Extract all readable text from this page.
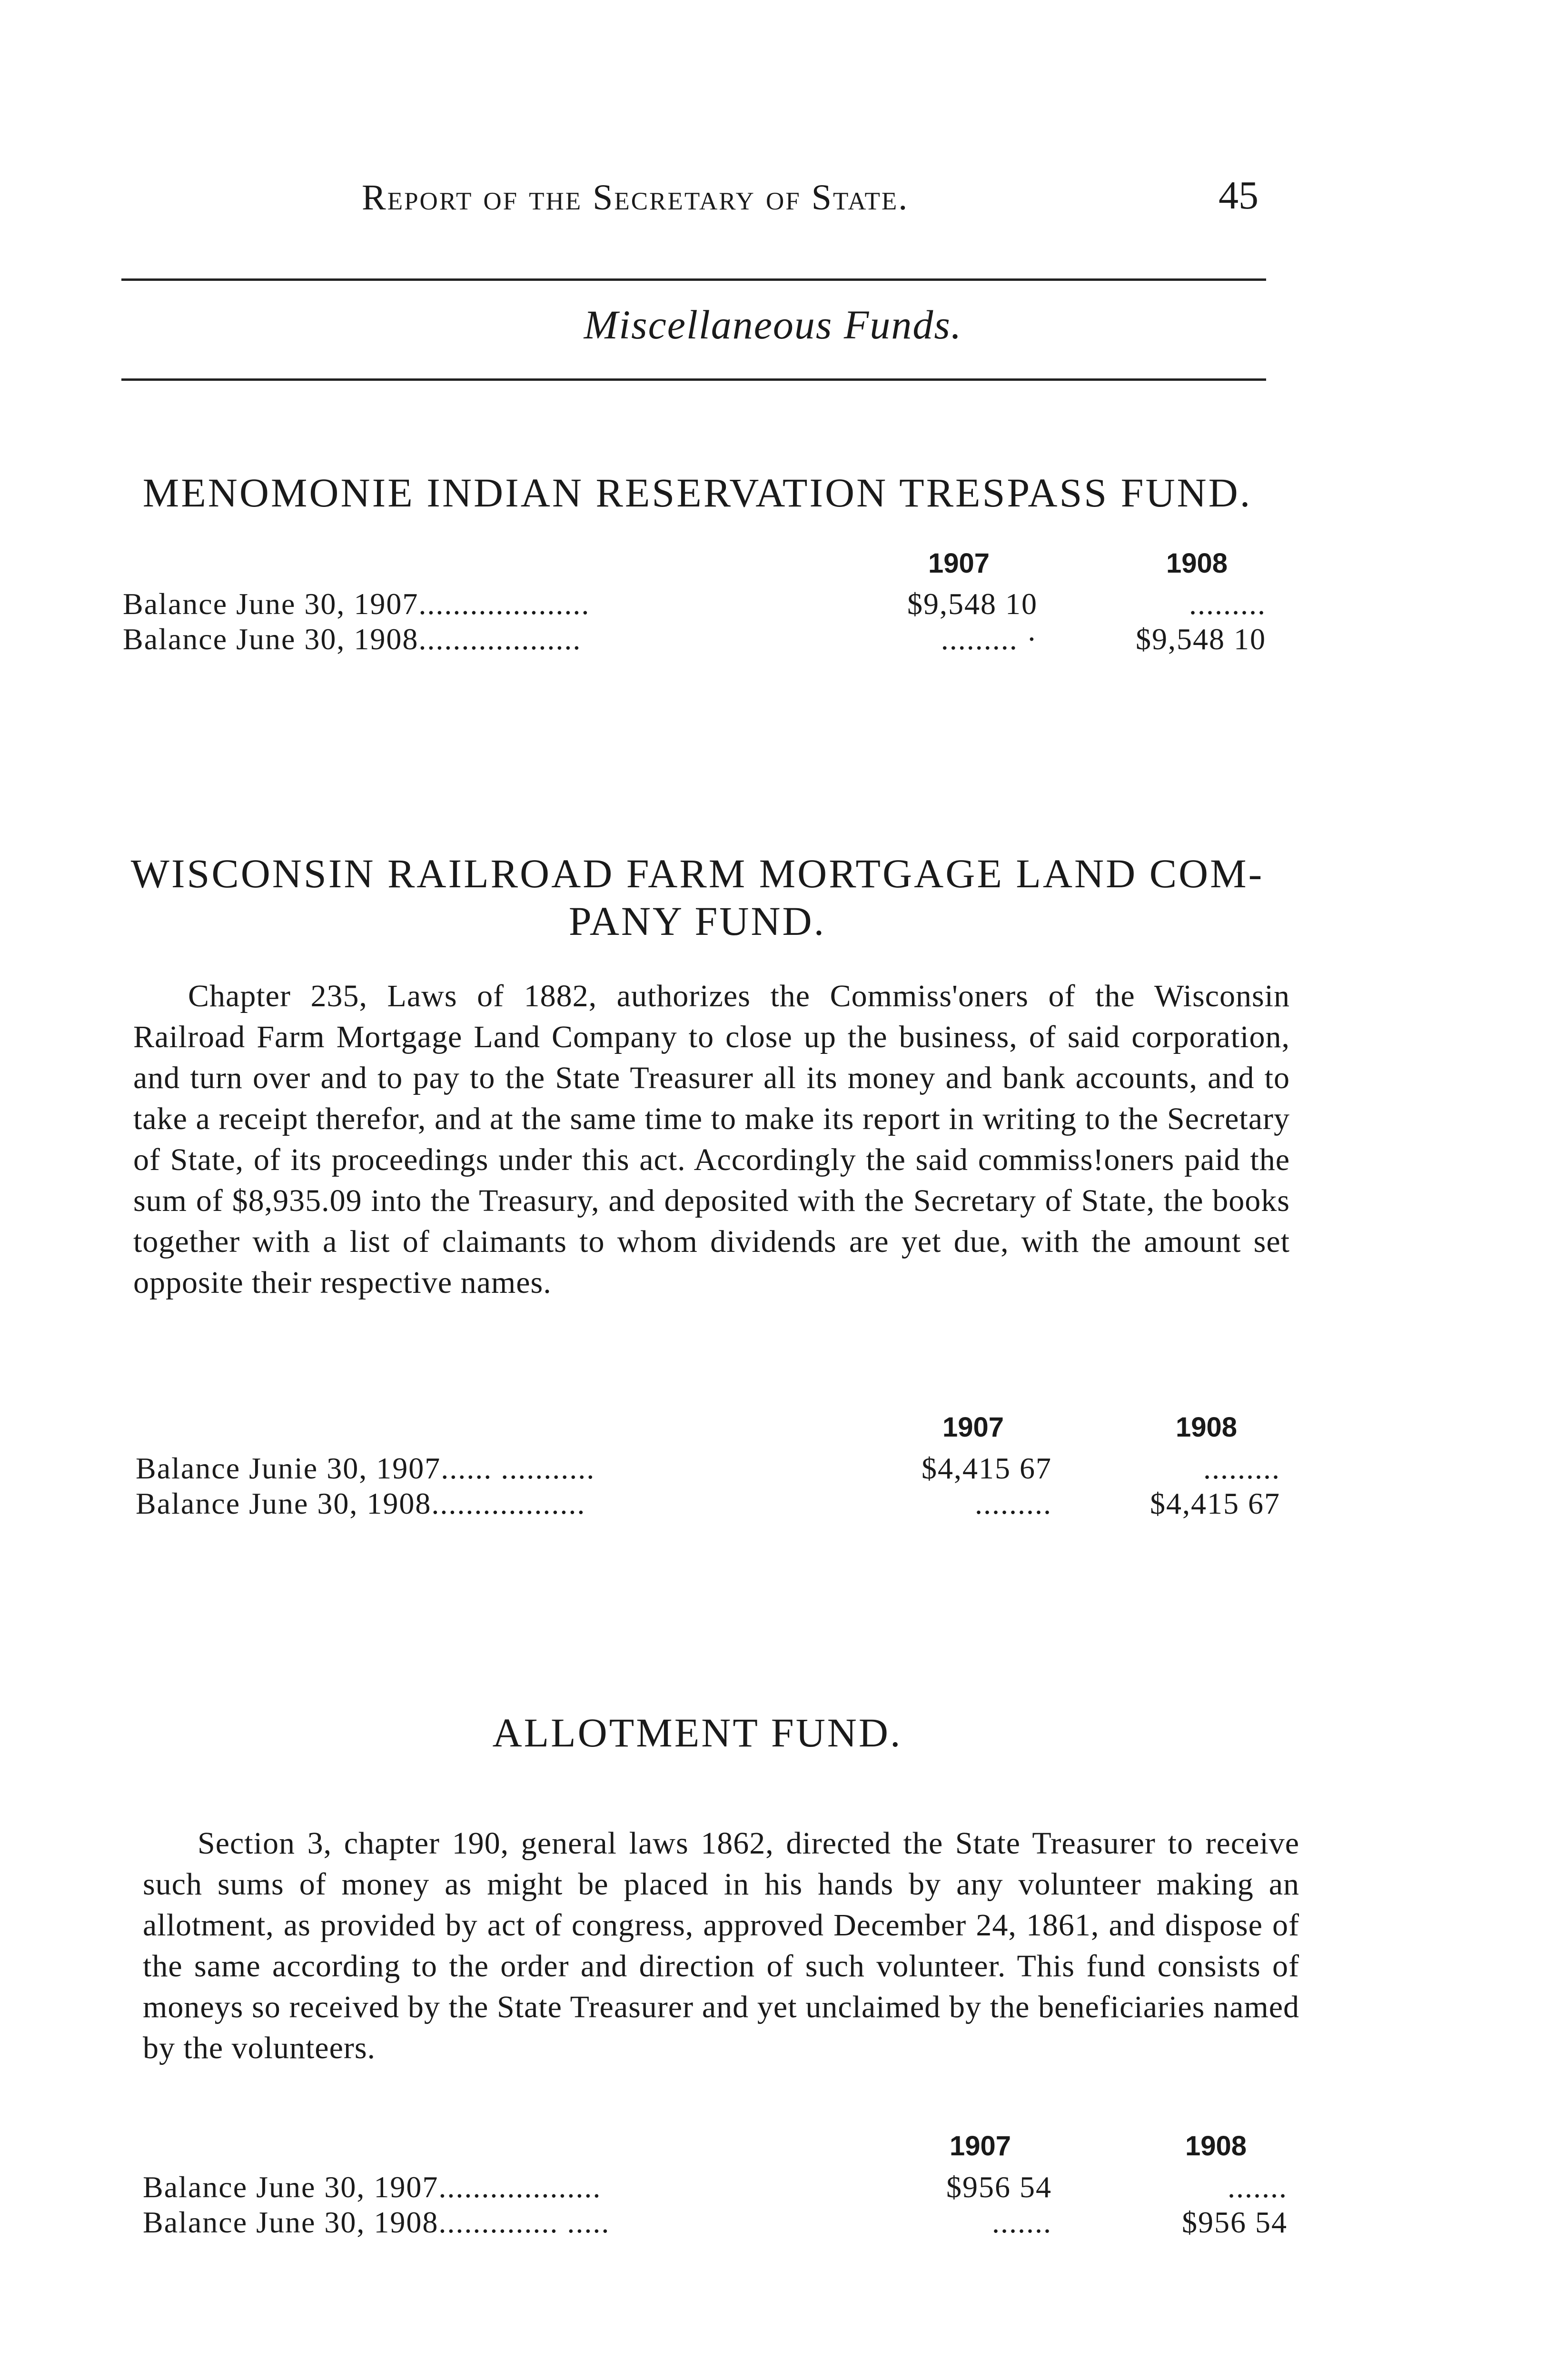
Report of the Secretary of State.	45
Miscellaneous Funds.
MENOMONIE INDIAN RESERVATION TRESPASS FUND.
1907	1908
Balance June 30, 1907....................	$9,548 10	.........
Balance June 30, 1908...................	......... ·	$9,548 10
WISCONSIN RAILROAD FARM MORTGAGE LAND COM-
PANY FUND.
Chapter 235, Laws of 1882, authorizes the Commiss'oners of the Wisconsin Railroad Farm Mortgage Land Company to close up the business, of said corporation, and turn over and to pay to the State Treasurer all its money and bank accounts, and to take a receipt therefor, and at the same time to make its report in writing to the Secretary of State, of its proceedings under this act. Accordingly the said commiss!oners paid the sum of $8,935.09 into the Treasury, and deposited with the Secretary of State, the books together with a list of claimants to whom dividends are yet due, with the amount set opposite their respective names.
1907	1908
Balance Junie 30, 1907...... ...........	$4,415 67	.........
Balance June 30, 1908..................	.........	$4,415 67
ALLOTMENT FUND.
Section 3, chapter 190, general laws 1862, directed the State Treasurer to receive such sums of money as might be placed in his hands by any volunteer making an allotment, as provided by act of congress, approved December 24, 1861, and dispose of the same according to the order and direction of such volunteer. This fund consists of moneys so received by the State Treasurer and yet unclaimed by the beneficiaries named by the volunteers.
1907	1908
Balance June 30, 1907...................	$956 54	.......
Balance June 30, 1908.............. .....	.......	$956 54
